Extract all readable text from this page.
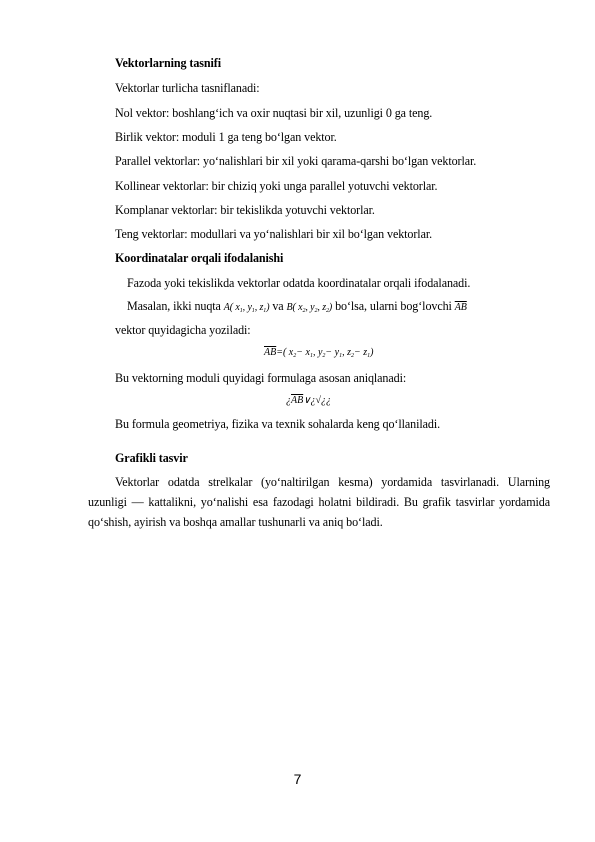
Vektorlarning tasnifi
Vektorlar turlicha tasniflanadi:
Nol vektor: boshlang‘ich va oxir nuqtasi bir xil, uzunligi 0 ga teng.
Birlik vektor: moduli 1 ga teng bo‘lgan vektor.
Parallel vektorlar: yo‘nalishlari bir xil yoki qarama-qarshi bo‘lgan vektorlar.
Kollinear vektorlar: bir chiziq yoki unga parallel yotuvchi vektorlar.
Komplanar vektorlar: bir tekislikda yotuvchi vektorlar.
Teng vektorlar: modullari va yo‘nalishlari bir xil bo‘lgan vektorlar.
Koordinatalar orqali ifodalanishi
Fazoda yoki tekislikda vektorlar odatda koordinatalar orqali ifodalanadi.
Masalan, ikki nuqta A( $x_1$, $y_1$, $z_1$) va B( $x_2$, $y_2$, $z_2$) bo‘lsa, ularni bog‘lovchi $\overline{AB}$
vektor quyidagicha yoziladi:
$\overline{AB}=$( $x_2- x_1$, $y_2- y_1$, $z_2- z_1$)
Bu vektorning moduli quyidagi formulaga asosan aniqlanadi:
¿$\overline{AB}\vee¿√¿¿$
Bu formula geometriya, fizika va texnik sohalarda keng qo‘llaniladi.
Grafikli tasvir
Vektorlar odatda strelkalar (yo‘naltirilgan kesma) yordamida tasvirlanadi. Ularning uzunligi — kattalikni, yo‘nalishi esa fazodagi holatni bildiradi. Bu grafik tasvirlar yordamida qo‘shish, ayirish va boshqa amallar tushunarli va aniq bo‘ladi.
7
